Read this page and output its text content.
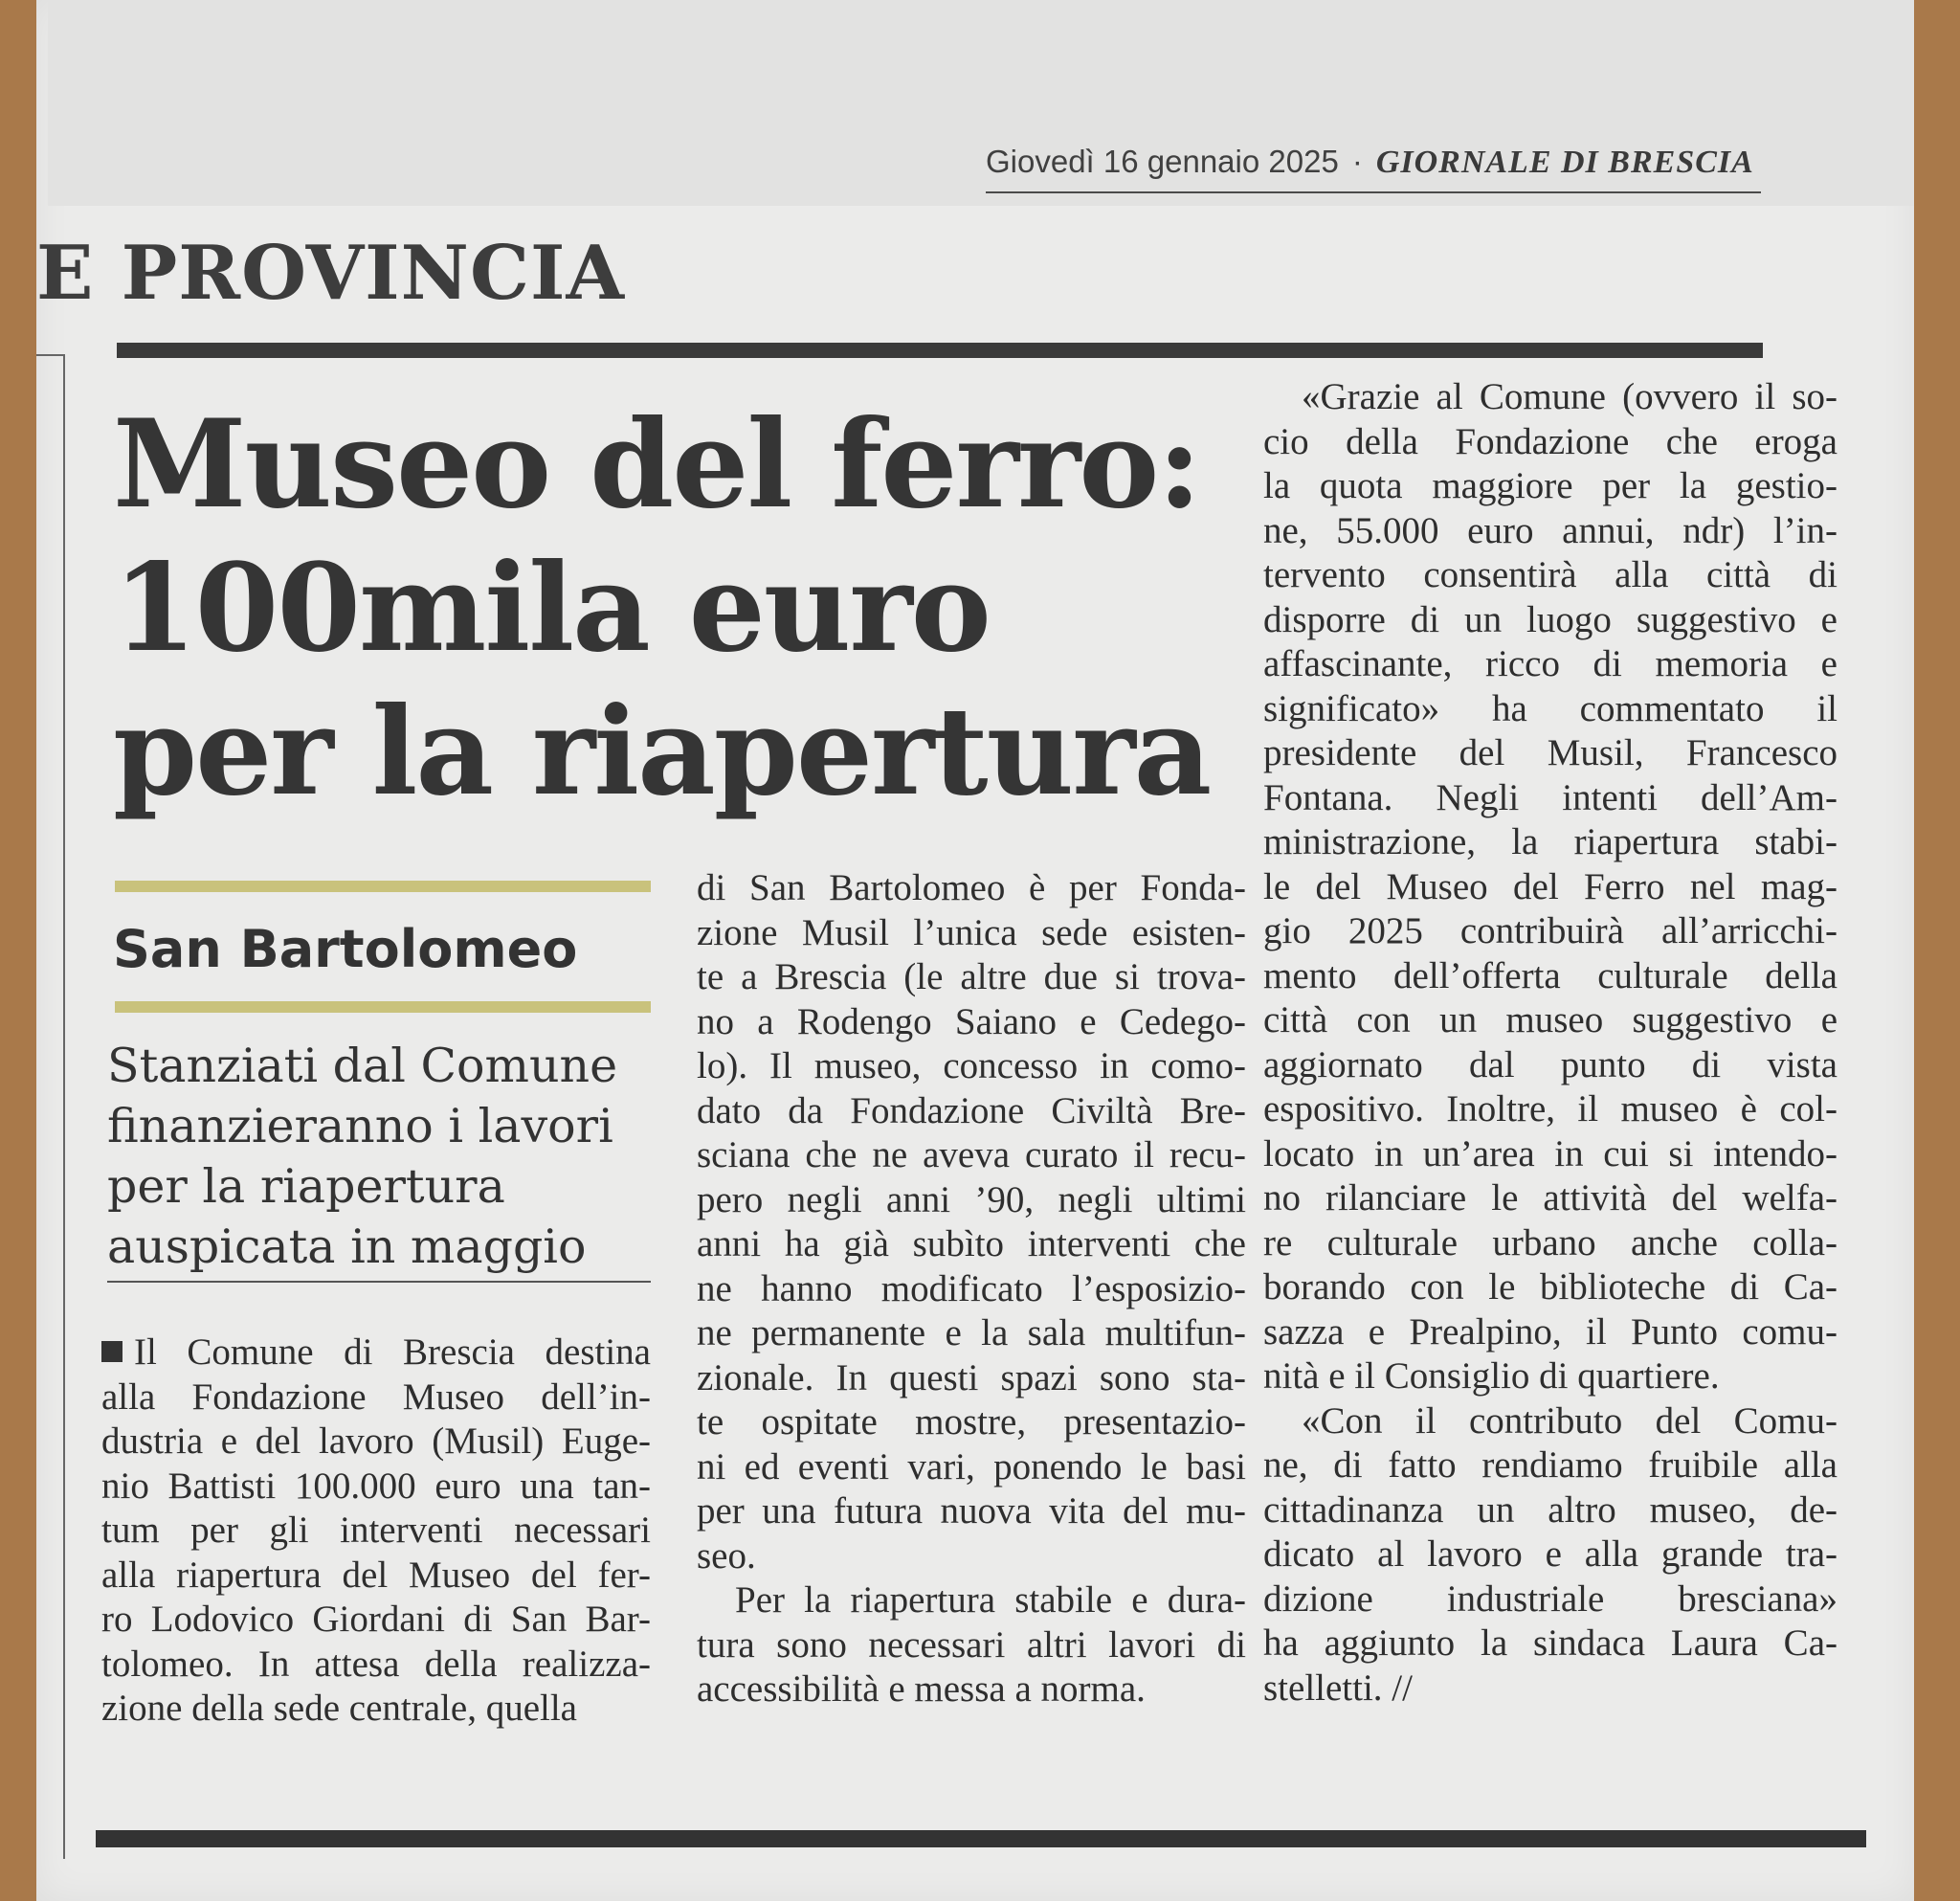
Giovedì 16 gennaio 2025 · GIORNALE DI BRESCIA
E PROVINCIA
Museo del ferro:
100mila euro
per la riapertura
San Bartolomeo
Stanziati dal Comune
finanzieranno i lavori
per la riapertura
auspicata in maggio
Il Comune di Brescia destina
alla Fondazione Museo dell’in-
dustria e del lavoro (Musil) Euge-
nio Battisti 100.000 euro una tan-
tum per gli interventi necessari
alla riapertura del Museo del fer-
ro Lodovico Giordani di San Bar-
tolomeo. In attesa della realizza-
zione della sede centrale, quella
di San Bartolomeo è per Fonda-
zione Musil l’unica sede esisten-
te a Brescia (le altre due si trova-
no a Rodengo Saiano e Cedego-
lo). Il museo, concesso in como-
dato da Fondazione Civiltà Bre-
sciana che ne aveva curato il recu-
pero negli anni ’90, negli ultimi
anni ha già subìto interventi che
ne hanno modificato l’esposizio-
ne permanente e la sala multifun-
zionale. In questi spazi sono sta-
te ospitate mostre, presentazio-
ni ed eventi vari, ponendo le basi
per una futura nuova vita del mu-
seo.
Per la riapertura stabile e dura-
tura sono necessari altri lavori di
accessibilità e messa a norma.
«Grazie al Comune (ovvero il so-
cio della Fondazione che eroga
la quota maggiore per la gestio-
ne, 55.000 euro annui, ndr) l’in-
tervento consentirà alla città di
disporre di un luogo suggestivo e
affascinante, ricco di memoria e
significato» ha commentato il
presidente del Musil, Francesco
Fontana. Negli intenti dell’Am-
ministrazione, la riapertura stabi-
le del Museo del Ferro nel mag-
gio 2025 contribuirà all’arricchi-
mento dell’offerta culturale della
città con un museo suggestivo e
aggiornato dal punto di vista
espositivo. Inoltre, il museo è col-
locato in un’area in cui si intendo-
no rilanciare le attività del welfa-
re culturale urbano anche colla-
borando con le biblioteche di Ca-
sazza e Prealpino, il Punto comu-
nità e il Consiglio di quartiere.
«Con il contributo del Comu-
ne, di fatto rendiamo fruibile alla
cittadinanza un altro museo, de-
dicato al lavoro e alla grande tra-
dizione industriale bresciana»
ha aggiunto la sindaca Laura Ca-
stelletti. //
